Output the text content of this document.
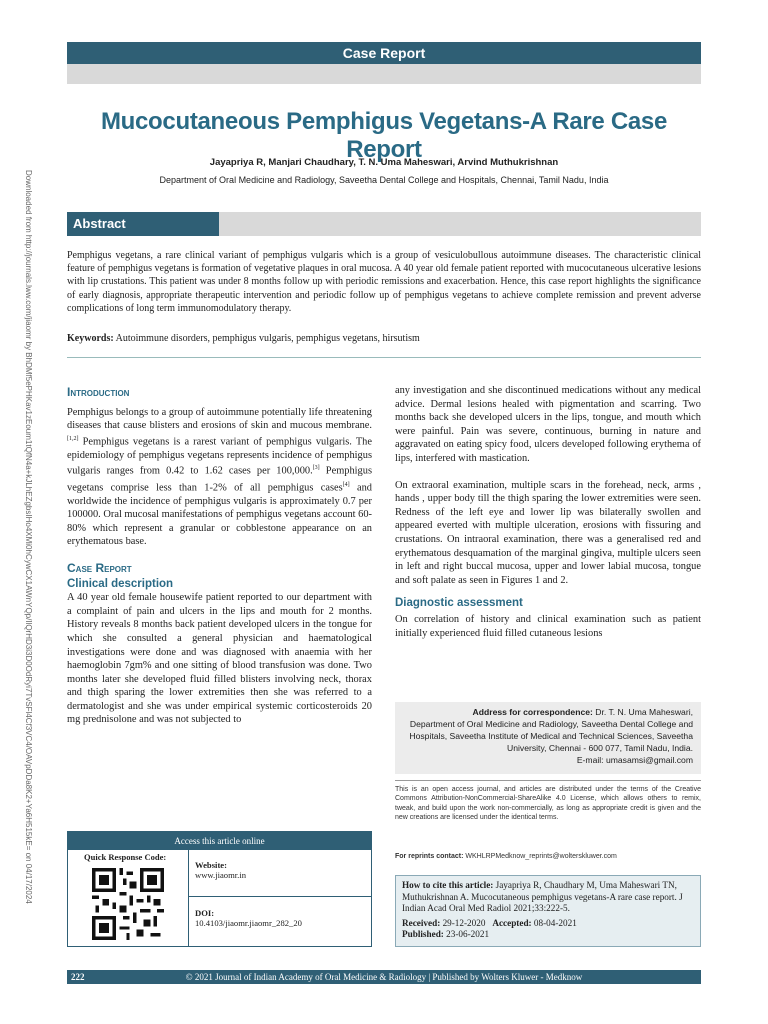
Case Report
Downloaded from http://journals.lww.com/jiaomr by BhDMf5ePHKav1zEoum1tQfN4a+kJLhEZgbsIHo4XMi0hCywCX1AWnYQp/IlQrHD3i3D0OdRyi7TvSFl4Cf3VC4/OAVpDDa8K2+Ya6H515kE= on 04/17/2024
Mucocutaneous Pemphigus Vegetans-A Rare Case Report
Jayapriya R, Manjari Chaudhary, T. N. Uma Maheswari, Arvind Muthukrishnan
Department of Oral Medicine and Radiology, Saveetha Dental College and Hospitals, Chennai, Tamil Nadu, India
Abstract
Pemphigus vegetans, a rare clinical variant of pemphigus vulgaris which is a group of vesiculobullous autoimmune diseases. The characteristic clinical feature of pemphigus vegetans is formation of vegetative plaques in oral mucosa. A 40 year old female patient reported with mucocutaneous ulcerative lesions with lip crustations. This patient was under 8 months follow up with periodic remissions and exacerbation. Hence, this case report highlights the significance of early diagnosis, appropriate therapeutic intervention and periodic follow up of pemphigus vegetans to achieve complete remission and prevent adverse complications of long term immunomodulatory therapy.
Keywords: Autoimmune disorders, pemphigus vulgaris, pemphigus vegetans, hirsutism
Introduction
Pemphigus belongs to a group of autoimmune potentially life threatening diseases that cause blisters and erosions of skin and mucous membrane.[1,2] Pemphigus vegetans is a rarest variant of pemphigus vulgaris. The epidemiology of pemphigus vegetans represents incidence of pemphigus vulgaris ranges from 0.42 to 1.62 cases per 100,000.[3] Pemphigus vegetans comprise less than 1-2% of all pemphigus cases[4] and worldwide the incidence of pemphigus vulgaris is approximately 0.7 per 100000. Oral mucosal manifestations of pemphigus vegetans account 60-80% which represent a granular or cobblestone appearance on an erythematous base.
Case Report
Clinical description
A 40 year old female housewife patient reported to our department with a complaint of pain and ulcers in the lips and mouth for 2 months. History reveals 8 months back patient developed ulcers in the tongue for which she consulted a general physician and haematological investigations were done and was diagnosed with anaemia with her haemoglobin 7gm% and one sitting of blood transfusion was done. Two months later she developed fluid filled blisters involving neck, thorax and thigh sparing the lower extremities then she was referred to a dermatologist and she was under empirical systemic corticosteroids 20 mg prednisolone and was not subjected to
any investigation and she discontinued medications without any medical advice. Dermal lesions healed with pigmentation and scarring. Two months back she developed ulcers in the lips, tongue, and mouth which were painful. Pain was severe, continuous, burning in nature and aggravated on eating spicy food, ulcers developed following erythema of lips, interfered with mastication.
On extraoral examination, multiple scars in the forehead, neck, arms , hands , upper body till the thigh sparing the lower extremities were seen. Redness of the left eye and lower lip was bilaterally swollen and appeared everted with multiple ulceration, erosions with fissuring and crustations. On intraoral examination, there was a generalised red and erythematous desquamation of the marginal gingiva, multiple ulcers seen in left and right buccal mucosa, upper and lower labial mucosa, tongue and soft palate as seen in Figures 1 and 2.
Diagnostic assessment
On correlation of history and clinical examination such as patient initially experienced fluid filled cutaneous lesions
Address for correspondence: Dr. T. N. Uma Maheswari,
Department of Oral Medicine and Radiology, Saveetha Dental College and
Hospitals, Saveetha Institute of Medical and Technical Sciences, Saveetha
University, Chennai - 600 077, Tamil Nadu, India.
E-mail: umasamsi@gmail.com
This is an open access journal, and articles are distributed under the terms of the Creative Commons Attribution-NonCommercial-ShareAlike 4.0 License, which allows others to remix, tweak, and build upon the work non-commercially, as long as appropriate credit is given and the new creations are licensed under the identical terms.
For reprints contact: WKHLRPMedknow_reprints@wolterskluwer.com
How to cite this article: Jayapriya R, Chaudhary M, Uma Maheswari TN, Muthukrishnan A. Mucocutaneous pemphigus vegetans-A rare case report. J Indian Acad Oral Med Radiol 2021;33:222-5.
Received: 29-12-2020 Accepted: 08-04-2021
Published: 23-06-2021
Access this article online
Quick Response Code:
Website:
www.jiaomr.in
DOI:
10.4103/jiaomr.jiaomr_282_20
© 2021 Journal of Indian Academy of Oral Medicine & Radiology | Published by Wolters Kluwer - Medknow
222
